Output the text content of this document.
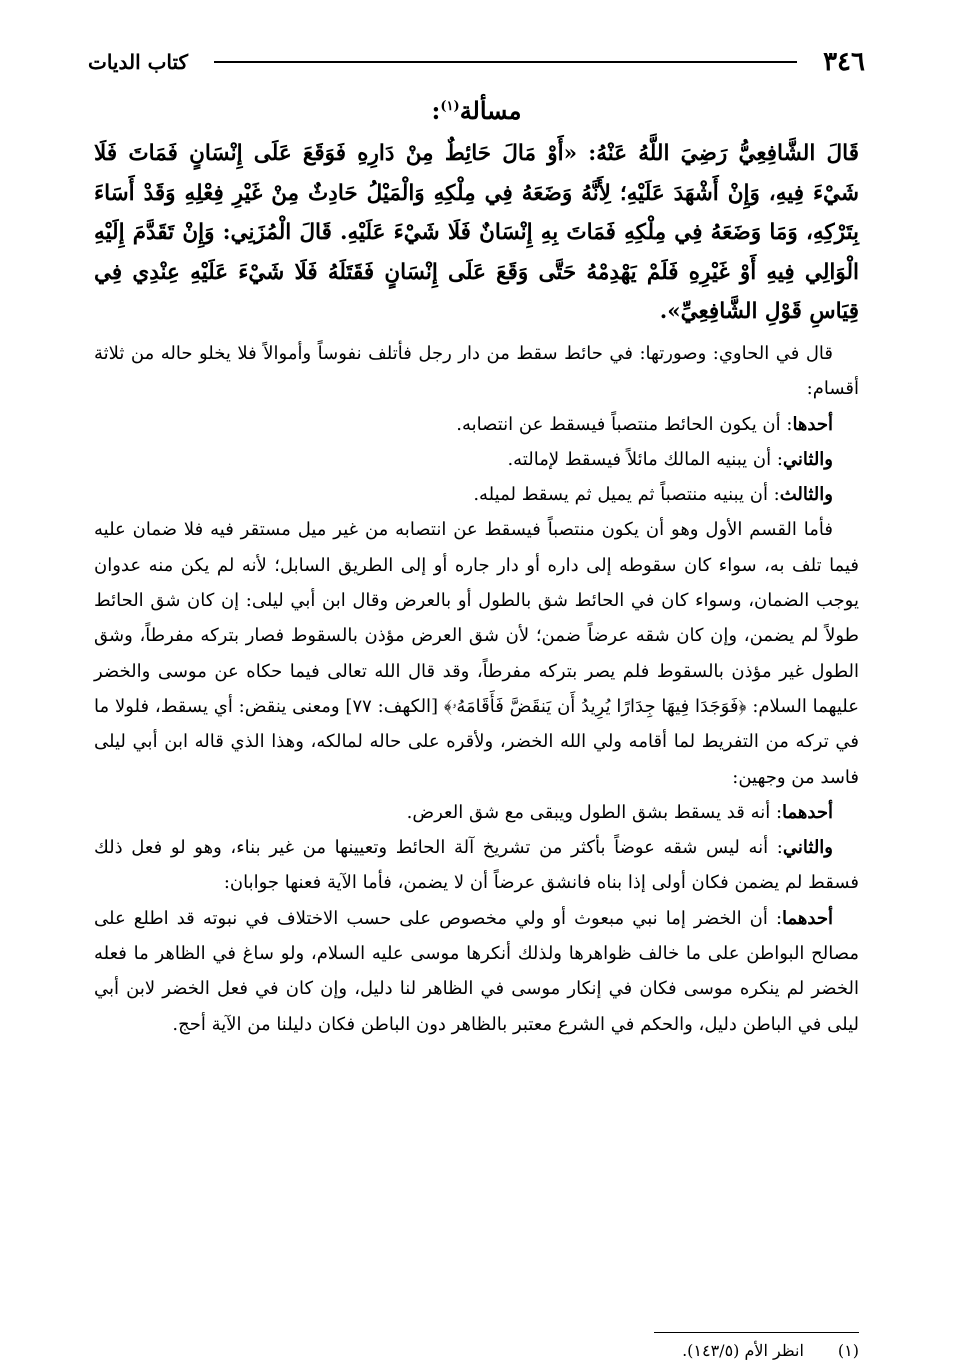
٣٤٦
كتاب الديات
مسألة$^{(١)}$:

قَالَ الشَّافِعِيُّ رَضِيَ اللَّهُ عَنْهُ: «أَوْ مَالَ حَائِطٌ مِنْ دَارِهِ فَوَقَعَ عَلَى إِنْسَانٍ فَمَاتَ فَلَا شَيْءَ فِيهِ، وَإِنْ أَشْهَدَ عَلَيْهِ؛ لِأَنَّهُ وَضَعَهُ فِي مِلْكِهِ وَالْمَيْلُ حَادِثٌ مِنْ غَيْرِ فِعْلِهِ وَقَدْ أَسَاءَ بِتَرْكِهِ، وَمَا وَضَعَهُ فِي مِلْكِهِ فَمَاتَ بِهِ إِنْسَانٌ فَلَا شَيْءَ عَلَيْهِ. قَالَ الْمُزَنِي: وَإِنْ تَقَدَّمَ إِلَيْهِ الْوَالِي فِيهِ أَوْ غَيْرِهِ فَلَمْ يَهْدِمْهُ حَتَّى وَقَعَ عَلَى إِنْسَانٍ فَقَتَلَهُ فَلَا شَيْءَ عَلَيْهِ عِنْدِي فِي قِيَاسِ قَوْلِ الشَّافِعِيِّ».

قال في الحاوي: وصورتها: في حائط سقط من دار رجل فأتلف نفوساً وأموالاً فلا يخلو حاله من ثلاثة أقسام:

أحدها: أن يكون الحائط منتصباً فيسقط عن انتصابه.

والثاني: أن يبنيه المالك مائلاً فيسقط لإمالته.

والثالث: أن يبنيه منتصباً ثم يميل ثم يسقط لميله.

فأما القسم الأول وهو أن يكون منتصباً فيسقط عن انتصابه من غير ميل مستقر فيه فلا ضمان عليه فيما تلف به، سواء كان سقوطه إلى داره أو دار جاره أو إلى الطريق السابل؛ لأنه لم يكن منه عدوان يوجب الضمان، وسواء كان في الحائط شق بالطول أو بالعرض وقال ابن أبي ليلى: إن كان شق الحائط طولاً لم يضمن، وإن كان شقه عرضاً ضمن؛ لأن شق العرض مؤذن بالسقوط فصار بتركه مفرطاً، وشق الطول غير مؤذن بالسقوط فلم يصر بتركه مفرطاً، وقد قال الله تعالى فيما حكاه عن موسى والخضر عليهما السلام: ﴿فَوَجَدَا فِيهَا جِدَارًا يُرِيدُ أَن يَنقَضَّ فَأَقَامَهُۥ﴾ [الكهف: ٧٧] ومعنى ينقض: أي يسقط، فلولا ما في تركه من التفريط لما أقامه ولي الله الخضر، ولأقره على حاله لمالكه، وهذا الذي قاله ابن أبي ليلى فاسد من وجهين:

أحدهما: أنه قد يسقط بشق الطول ويبقى مع شق العرض.

والثاني: أنه ليس شقه عوضاً بأكثر من تشريخ آلة الحائط وتعيينها من غير بناء، وهو لو فعل ذلك فسقط لم يضمن فكان أولى إذا بناه فانشق عرضاً أن لا يضمن، فأما الآية فعنها جوابان:

أحدهما: أن الخضر إما نبي مبعوث أو ولي مخصوص على حسب الاختلاف في نبوته قد اطلع على مصالح البواطن على ما خالف ظواهرها ولذلك أنكرها موسى عليه السلام، ولو ساغ في الظاهر ما فعله الخضر لم ينكره موسى فكان في إنكار موسى في الظاهر لنا دليل، وإن كان في فعل الخضر لابن أبي ليلى في الباطن دليل، والحكم في الشرع معتبر بالظاهر دون الباطن فكان دليلنا من الآية أحج.

(١)انظر الأم (١٤٣/٥).
